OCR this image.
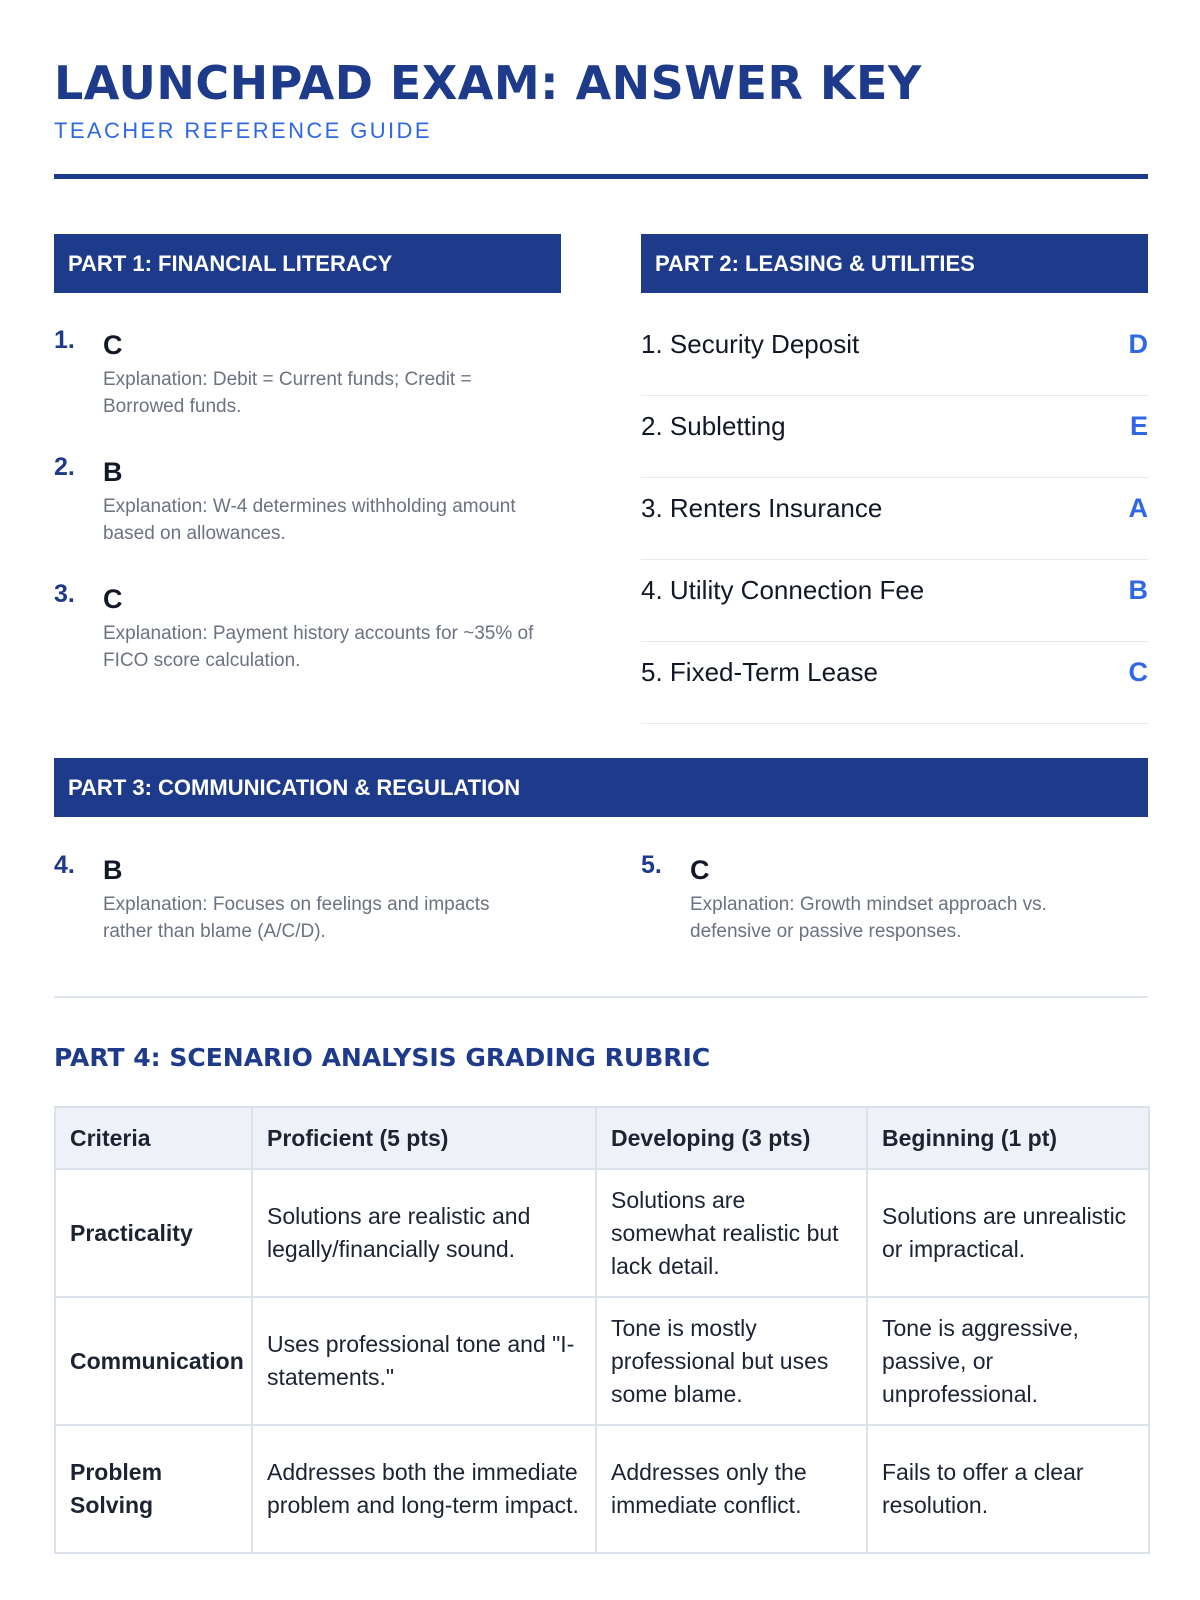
LAUNCHPAD EXAM: ANSWER KEY
TEACHER REFERENCE GUIDE
PART 1: FINANCIAL LITERACY
1. C
Explanation: Debit = Current funds; Credit = Borrowed funds.
2. B
Explanation: W-4 determines withholding amount based on allowances.
3. C
Explanation: Payment history accounts for ~35% of FICO score calculation.
PART 2: LEASING & UTILITIES
1. Security Deposit	D
2. Subletting	E
3. Renters Insurance	A
4. Utility Connection Fee	B
5. Fixed-Term Lease	C
PART 3: COMMUNICATION & REGULATION
4. B
Explanation: Focuses on feelings and impacts rather than blame (A/C/D).
5. C
Explanation: Growth mindset approach vs. defensive or passive responses.
PART 4: SCENARIO ANALYSIS GRADING RUBRIC
Criteria	Proficient (5 pts)	Developing (3 pts)	Beginning (1 pt)
Practicality	Solutions are realistic and legally/financially sound.	Solutions are somewhat realistic but lack detail.	Solutions are unrealistic or impractical.
Communication	Uses professional tone and "I-statements."	Tone is mostly professional but uses some blame.	Tone is aggressive, passive, or unprofessional.
Problem Solving	Addresses both the immediate problem and long-term impact.	Addresses only the immediate conflict.	Fails to offer a clear resolution.
